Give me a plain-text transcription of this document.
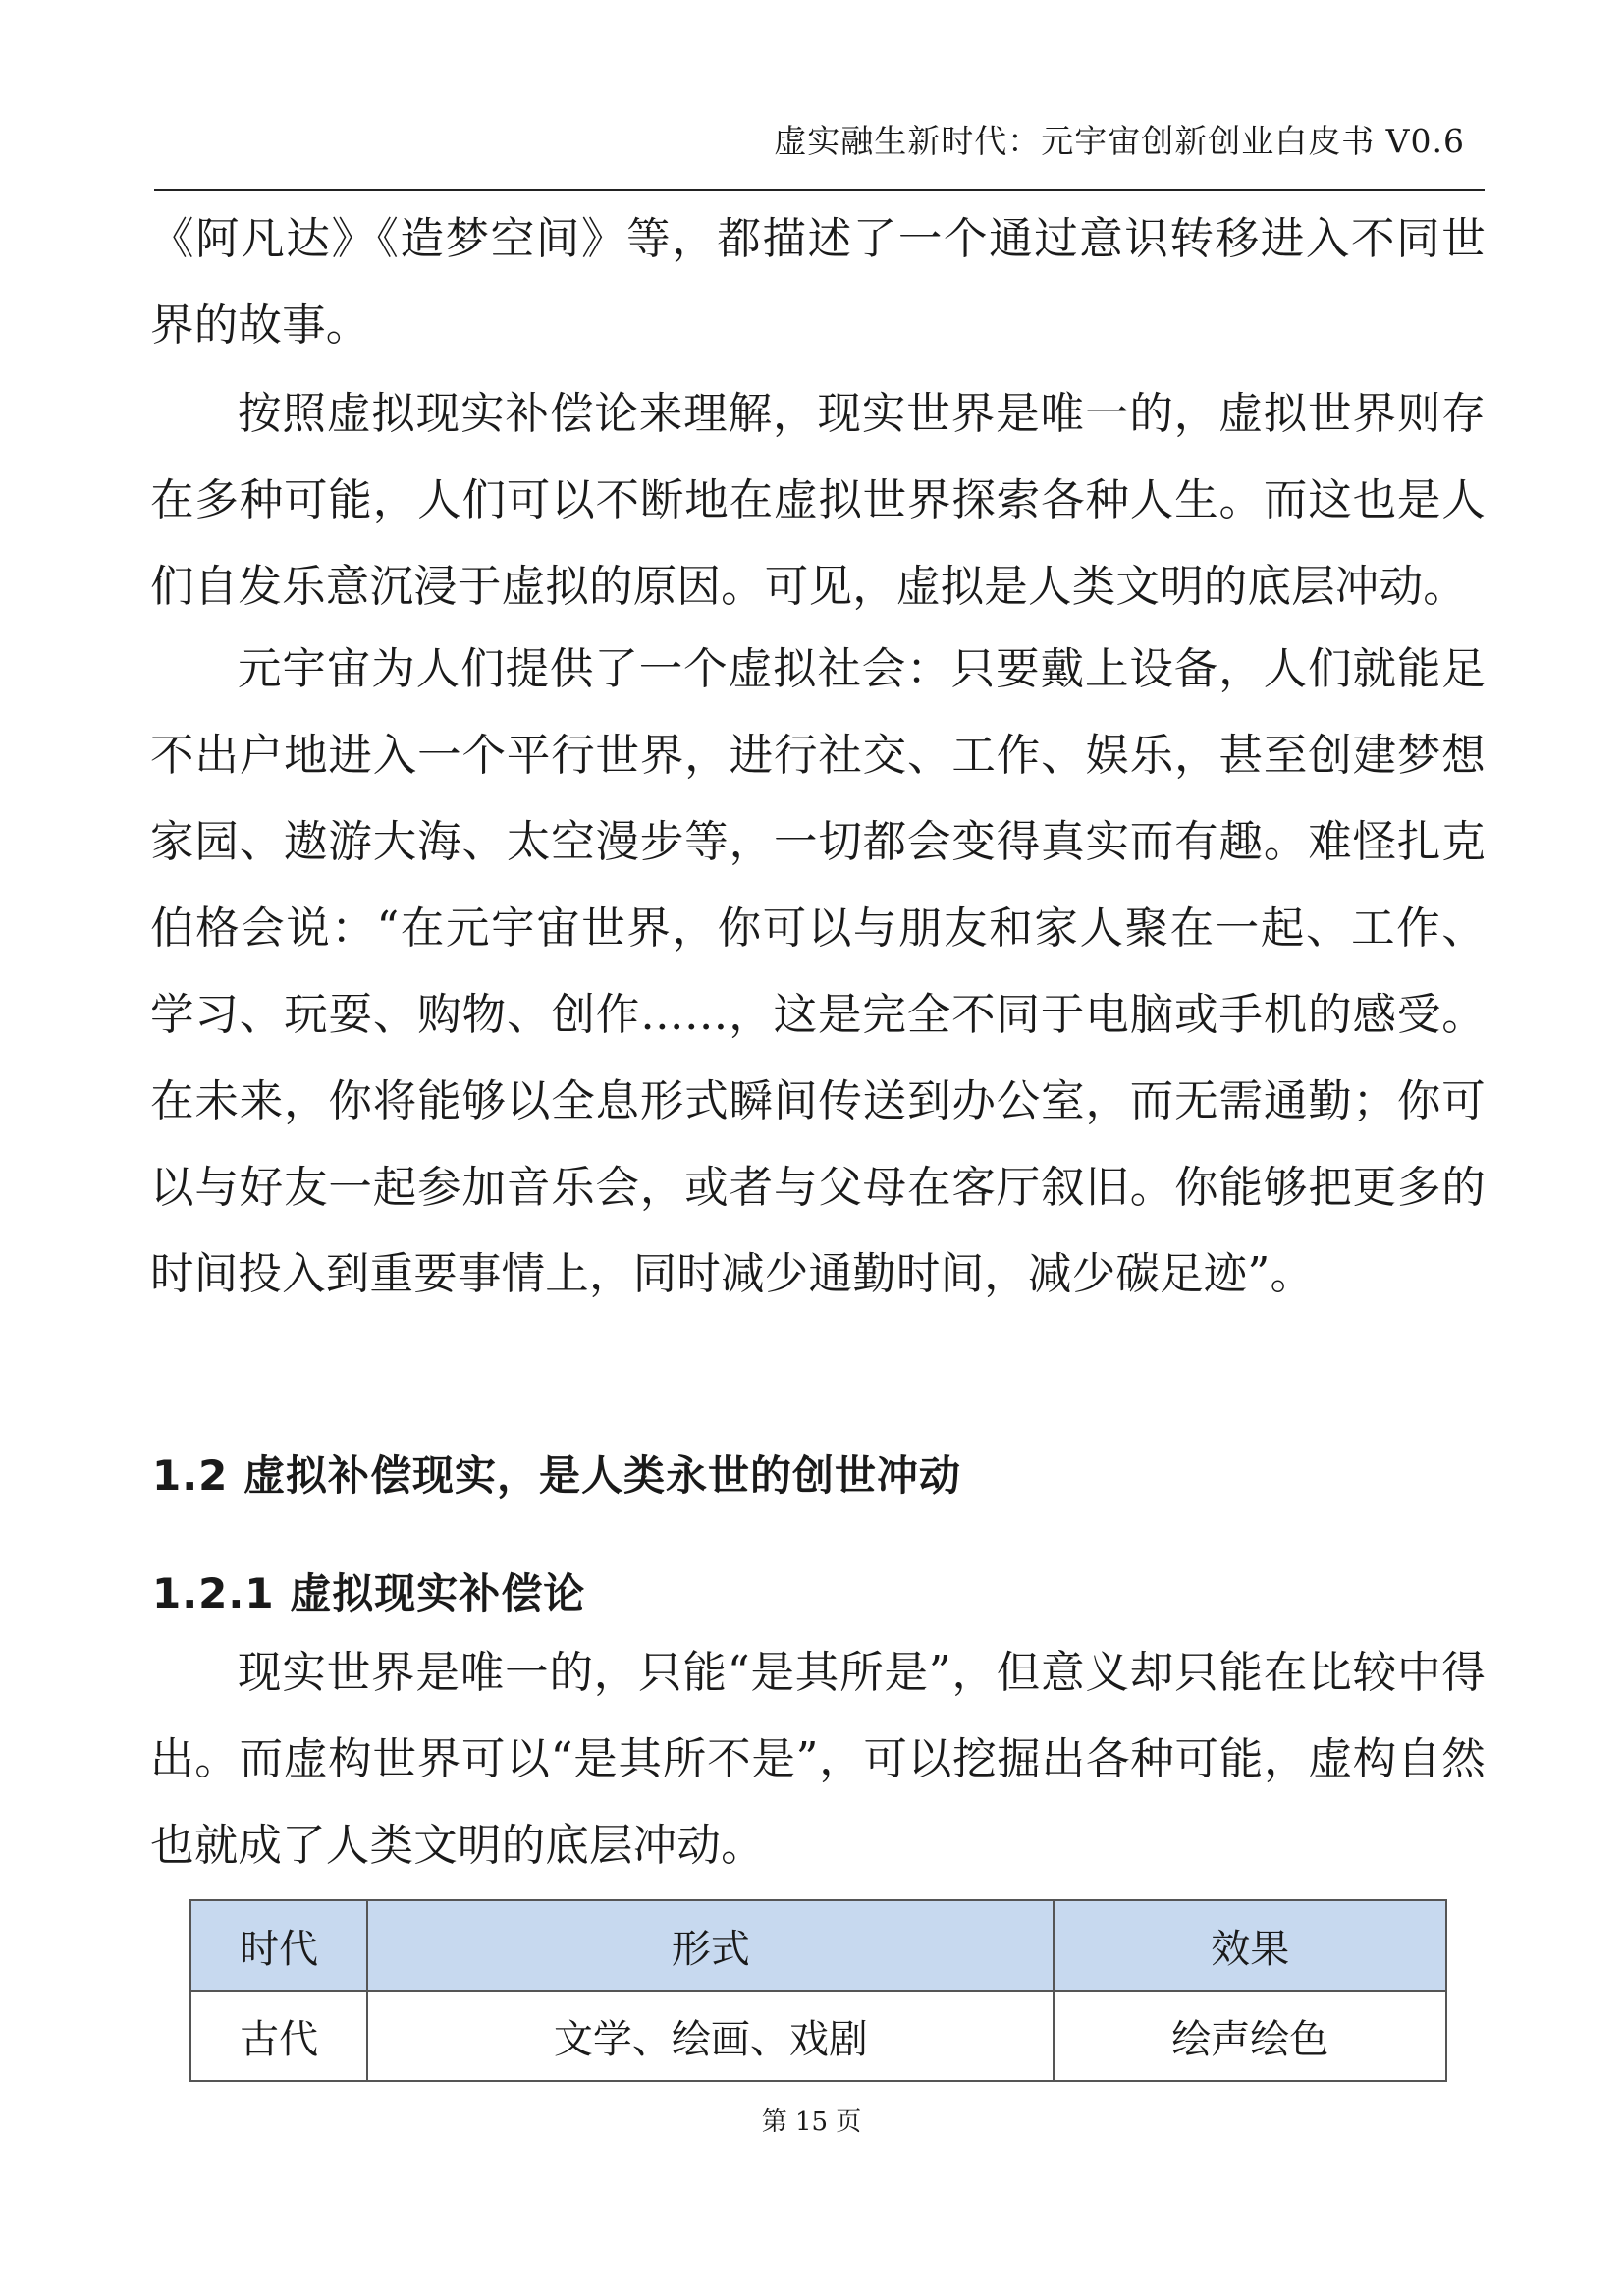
虚实融生新时代：元宇宙创新创业白皮书 V0.6

《阿凡达》《造梦空间》等，都描述了一个通过意识转移进入不同世界的故事。

按照虚拟现实补偿论来理解，现实世界是唯一的，虚拟世界则存在多种可能，人们可以不断地在虚拟世界探索各种人生。而这也是人们自发乐意沉浸于虚拟的原因。可见，虚拟是人类文明的底层冲动。

元宇宙为人们提供了一个虚拟社会：只要戴上设备，人们就能足不出户地进入一个平行世界，进行社交、工作、娱乐，甚至创建梦想家园、遨游大海、太空漫步等，一切都会变得真实而有趣。难怪扎克伯格会说：“在元宇宙世界，你可以与朋友和家人聚在一起、工作、学习、玩耍、购物、创作……，这是完全不同于电脑或手机的感受。在未来，你将能够以全息形式瞬间传送到办公室，而无需通勤；你可以与好友一起参加音乐会，或者与父母在客厅叙旧。你能够把更多的时间投入到重要事情上，同时减少通勤时间，减少碳足迹”。

1.2 虚拟补偿现实，是人类永世的创世冲动
1.2.1 虚拟现实补偿论

现实世界是唯一的，只能“是其所是”，但意义却只能在比较中得出。而虚构世界可以“是其所不是”，可以挖掘出各种可能，虚构自然也就成了人类文明的底层冲动。

时代	形式	效果
古代	文学、绘画、戏剧	绘声绘色
第 15 页
